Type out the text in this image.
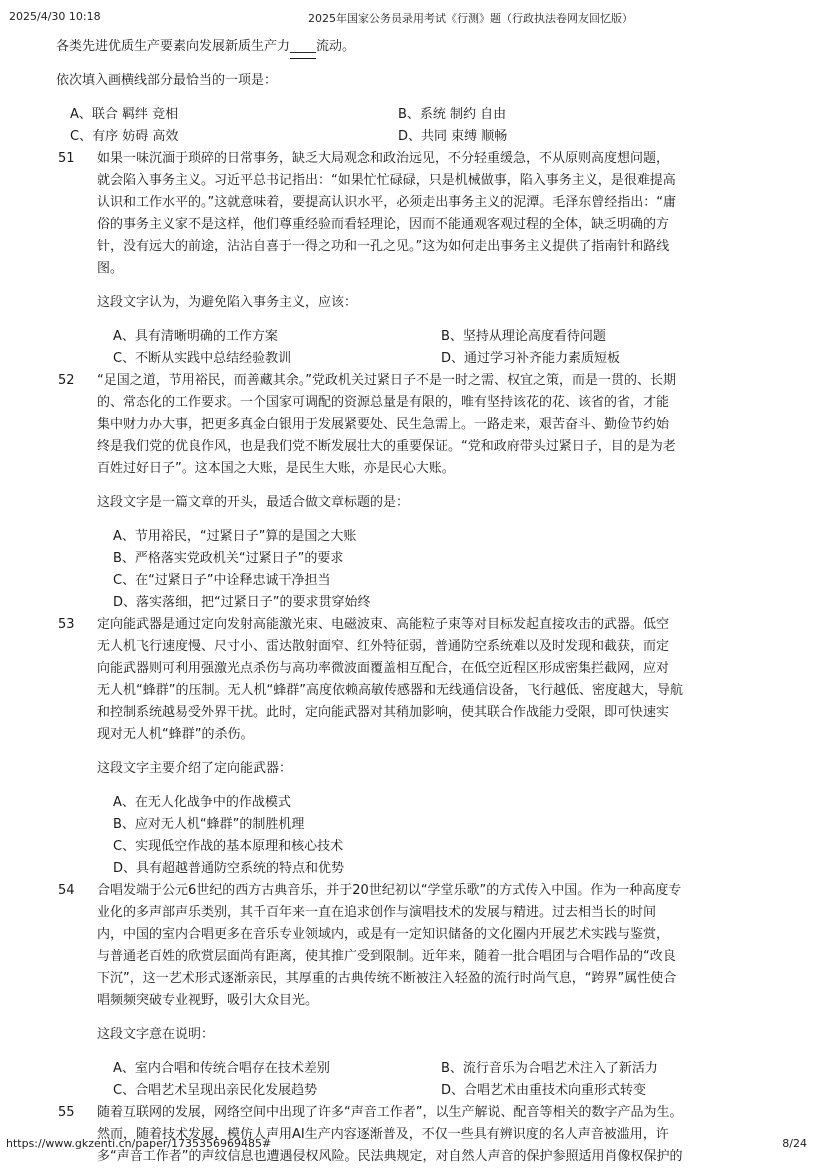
2025/4/30 10:18	2025年国家公务员录用考试《行测》题（行政执法卷网友回忆版）
各类先进优质生产要素向发展新质生产力____流动。
依次填入画横线部分最恰当的一项是：
A、联合 羁绊 竞相	B、系统 制约 自由
C、有序 妨碍 高效	D、共同 束缚 顺畅
51 如果一味沉湎于琐碎的日常事务，缺乏大局观念和政治远见，不分轻重缓急，不从原则高度想问题，
就会陷入事务主义。习近平总书记指出：“如果忙忙碌碌，只是机械做事，陷入事务主义，是很难提高
认识和工作水平的。”这就意味着，要提高认识水平，必须走出事务主义的泥潭。毛泽东曾经指出：“庸
俗的事务主义家不是这样，他们尊重经验而看轻理论，因而不能通观客观过程的全体，缺乏明确的方
针，没有远大的前途，沾沾自喜于一得之功和一孔之见。”这为如何走出事务主义提供了指南针和路线
图。
这段文字认为，为避免陷入事务主义，应该：
A、具有清晰明确的工作方案	B、坚持从理论高度看待问题
C、不断从实践中总结经验教训	D、通过学习补齐能力素质短板
52 “足国之道，节用裕民，而善藏其余。”党政机关过紧日子不是一时之需、权宜之策，而是一贯的、长期
的、常态化的工作要求。一个国家可调配的资源总量是有限的，唯有坚持该花的花、该省的省，才能
集中财力办大事，把更多真金白银用于发展紧要处、民生急需上。一路走来，艰苦奋斗、勤俭节约始
终是我们党的优良作风，也是我们党不断发展壮大的重要保证。“党和政府带头过紧日子，目的是为老
百姓过好日子”。这本国之大账，是民生大账，亦是民心大账。
这段文字是一篇文章的开头，最适合做文章标题的是：
A、节用裕民，“过紧日子”算的是国之大账
B、严格落实党政机关“过紧日子”的要求
C、在“过紧日子”中诠释忠诚干净担当
D、落实落细，把“过紧日子”的要求贯穿始终
53 定向能武器是通过定向发射高能激光束、电磁波束、高能粒子束等对目标发起直接攻击的武器。低空
无人机飞行速度慢、尺寸小、雷达散射面窄、红外特征弱，普通防空系统难以及时发现和截获，而定
向能武器则可利用强激光点杀伤与高功率微波面覆盖相互配合，在低空近程区形成密集拦截网，应对
无人机“蜂群”的压制。无人机“蜂群”高度依赖高敏传感器和无线通信设备，飞行越低、密度越大，导航
和控制系统越易受外界干扰。此时，定向能武器对其稍加影响，使其联合作战能力受限，即可快速实
现对无人机“蜂群”的杀伤。
这段文字主要介绍了定向能武器：
A、在无人化战争中的作战模式
B、应对无人机“蜂群”的制胜机理
C、实现低空作战的基本原理和核心技术
D、具有超越普通防空系统的特点和优势
54 合唱发端于公元6世纪的西方古典音乐，并于20世纪初以“学堂乐歌”的方式传入中国。作为一种高度专
业化的多声部声乐类别，其千百年来一直在追求创作与演唱技术的发展与精进。过去相当长的时间
内，中国的室内合唱更多在音乐专业领域内，或是有一定知识储备的文化圈内开展艺术实践与鉴赏，
与普通老百姓的欣赏层面尚有距离，使其推广受到限制。近年来，随着一批合唱团与合唱作品的“改良
下沉”，这一艺术形式逐渐亲民，其厚重的古典传统不断被注入轻盈的流行时尚气息，“跨界”属性使合
唱频频突破专业视野，吸引大众目光。
这段文字意在说明：
A、室内合唱和传统合唱存在技术差别	B、流行音乐为合唱艺术注入了新活力
C、合唱艺术呈现出亲民化发展趋势	D、合唱艺术由重技术向重形式转变
55 随着互联网的发展，网络空间中出现了许多“声音工作者”，以生产解说、配音等相关的数字产品为生。
然而，随着技术发展，模仿人声用AI生产内容逐渐普及，不仅一些具有辨识度的名人声音被滥用，许
多“声音工作者”的声纹信息也遭遇侵权风险。民法典规定，对自然人声音的保护参照适用肖像权保护的
https://www.gkzenti.cn/paper/1735356969485#	8/24
